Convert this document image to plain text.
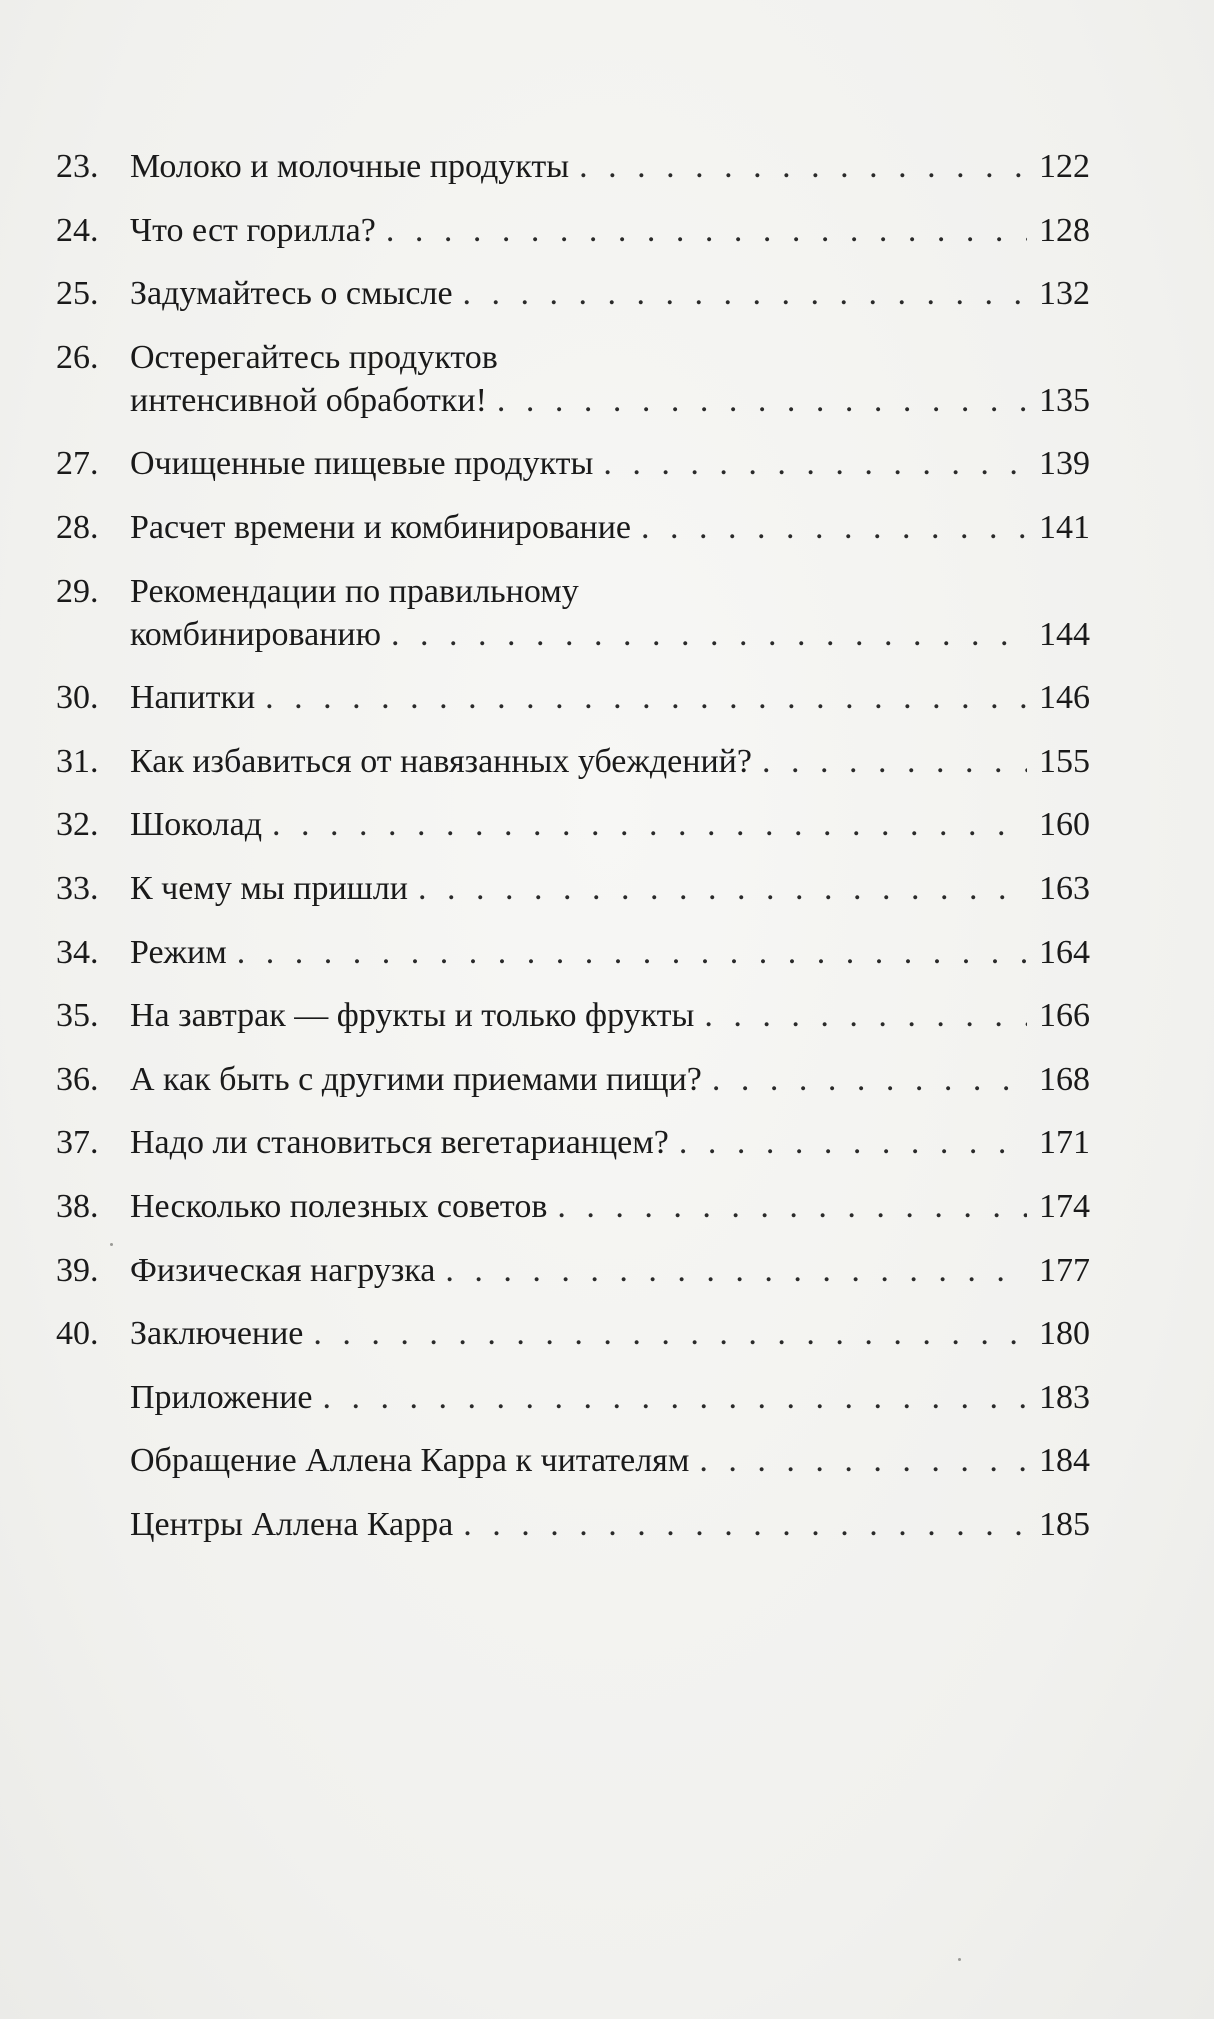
23. Молоко и молочные продукты . . .	122
24. Что ест горилла? . . .	128
25. Задумайтесь о смысле . . .	132
26. Остерегайтесь продуктов
интенсивной обработки! . . .	135
27. Очищенные пищевые продукты . . .	139
28. Расчет времени и комбинирование . . .	141
29. Рекомендации по правильному
комбинированию . . .	144
30. Напитки . . .	146
31. Как избавиться от навязанных убеждений? . . .	155
32. Шоколад . . .	160
33. К чему мы пришли . . .	163
34. Режим . . .	164
35. На завтрак — фрукты и только фрукты . . .	166
36. А как быть с другими приемами пищи? . . .	168
37. Надо ли становиться вегетарианцем? . . .	171
38. Несколько полезных советов . . .	174
39. Физическая нагрузка . . .	177
40. Заключение . . .	180
Приложение . . .	183
Обращение Аллена Карра к читателям . . .	184
Центры Аллена Карра . . .	185
